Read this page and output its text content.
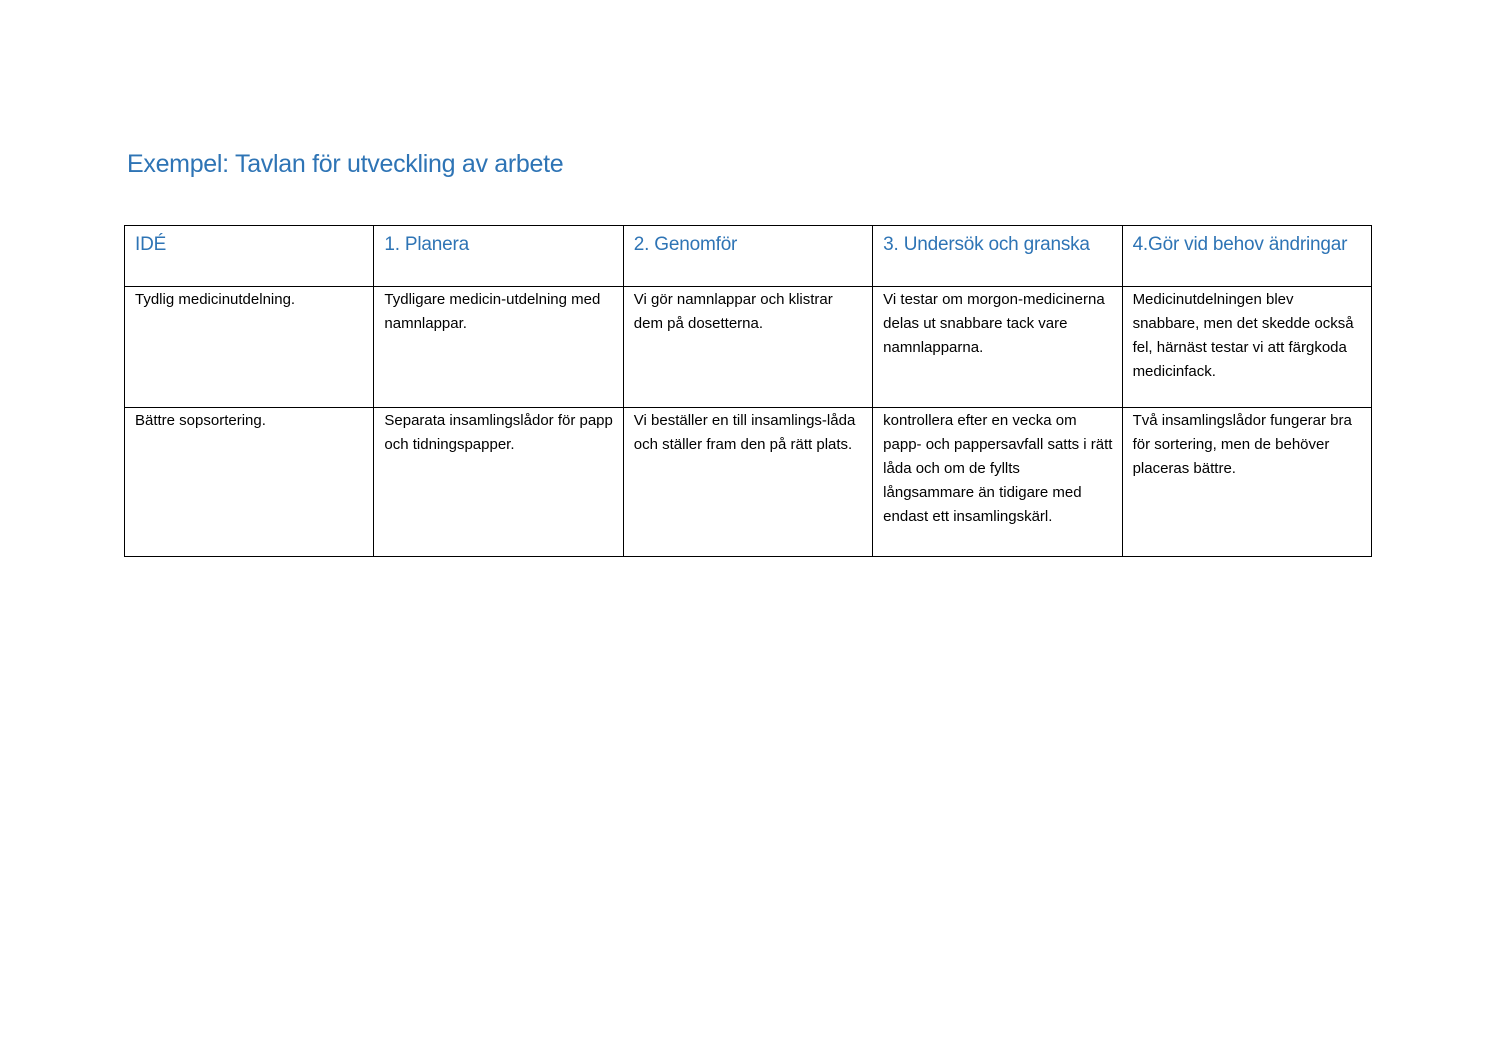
Exempel: Tavlan för utveckling av arbete
IDÉ	1. Planera	2. Genomför	3. Undersök och granska	4.Gör vid behov ändringar
Tydlig medicinutdelning.	Tydligare medicin-utdelning med namnlappar.	Vi gör namnlappar och klistrar dem på dosetterna.	Vi testar om morgon-medicinerna delas ut snabbare tack vare namnlapparna.	Medicinutdelningen blev snabbare, men det skedde också fel, härnäst testar vi att färgkoda medicinfack.
Bättre sopsortering.	Separata insamlingslådor för papp och tidningspapper.	Vi beställer en till insamlings-låda och ställer fram den på rätt plats.	kontrollera efter en vecka om papp- och pappersavfall satts i rätt låda och om de fyllts långsammare än tidigare med endast ett insamlingskärl.	Två insamlingslådor fungerar bra för sortering, men de behöver placeras bättre.
